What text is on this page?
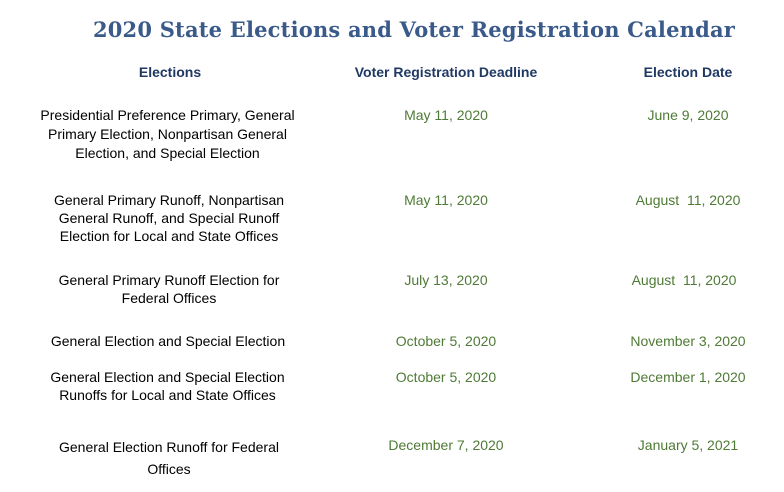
2020 State Elections and Voter Registration Calendar
Elections	Voter Registration Deadline	Election Date
Presidential Preference Primary, General Primary Election, Nonpartisan General Election, and Special Election
May 11, 2020	June 9, 2020
General Primary Runoff, Nonpartisan General Runoff, and Special Runoff Election for Local and State Offices
May 11, 2020	August  11, 2020
General Primary Runoff Election for Federal Offices
July 13, 2020	August  11, 2020
General Election and Special Election	October 5, 2020	November 3, 2020
General Election and Special Election Runoffs for Local and State Offices
October 5, 2020	December 1, 2020
General Election Runoff for Federal Offices
December 7, 2020	January 5, 2021
